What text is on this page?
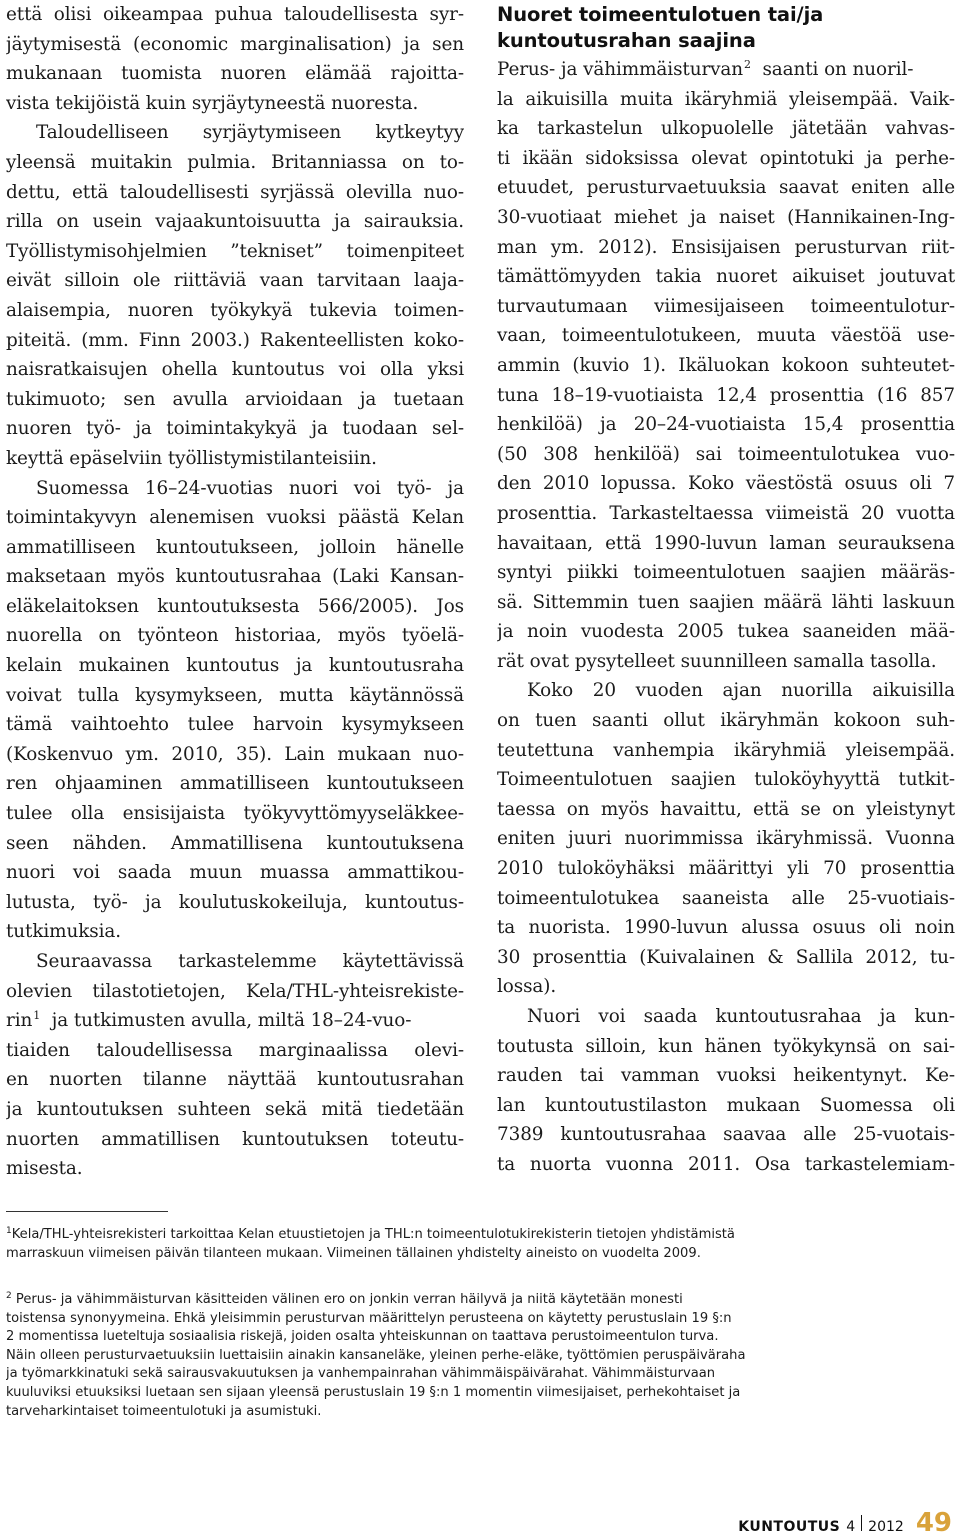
että olisi oikeampaa puhua taloudellisesta syr-
jäytymisestä (economic marginalisation) ja sen
mukanaan tuomista nuoren elämää rajoitta-
vista tekijöistä kuin syrjäytyneestä nuoresta.
Taloudelliseen syrjäytymiseen kytkeytyy
yleensä muitakin pulmia. Britanniassa on to-
dettu, että taloudellisesti syrjässä olevilla nuo-
rilla on usein vajaakuntoisuutta ja sairauksia.
Työllistymisohjelmien ”tekniset” toimenpiteet
eivät silloin ole riittäviä vaan tarvitaan laaja-
alaisempia, nuoren työkykyä tukevia toimen-
piteitä. (mm. Finn 2003.) Rakenteellisten koko-
naisratkaisujen ohella kuntoutus voi olla yksi
tukimuoto; sen avulla arvioidaan ja tuetaan
nuoren työ- ja toimintakykyä ja tuodaan sel-
keyttä epäselviin työllistymistilanteisiin.
Suomessa 16–24-vuotias nuori voi työ- ja
toimintakyvyn alenemisen vuoksi päästä Kelan
ammatilliseen kuntoutukseen, jolloin hänelle
maksetaan myös kuntoutusrahaa (Laki Kansan-
eläkelaitoksen kuntoutuksesta 566/2005). Jos
nuorella on työnteon historiaa, myös työelä-
kelain mukainen kuntoutus ja kuntoutusraha
voivat tulla kysymykseen, mutta käytännössä
tämä vaihtoehto tulee harvoin kysymykseen
(Koskenvuo ym. 2010, 35). Lain mukaan nuo-
ren ohjaaminen ammatilliseen kuntoutukseen
tulee olla ensisijaista työkyvyttömyyseläkkee-
seen nähden. Ammatillisena kuntoutuksena
nuori voi saada muun muassa ammattikou-
lutusta, työ- ja koulutuskokeiluja, kuntoutus-
tutkimuksia.
Seuraavassa tarkastelemme käytettävissä
olevien tilastotietojen, Kela/THL-yhteisrekiste-
rin$^1$  ja tutkimusten avulla, miltä 18–24-vuo-
tiaiden taloudellisessa marginaalissa olevi-
en nuorten tilanne näyttää kuntoutusrahan
ja kuntoutuksen suhteen sekä mitä tiedetään
nuorten ammatillisen kuntoutuksen toteutu-
misesta.
Nuoret toimeentulotuen tai/ja
kuntoutusrahan saajina
Perus- ja vähimmäisturvan$^2$  saanti on nuoril-
la aikuisilla muita ikäryhmiä yleisempää. Vaik-
ka tarkastelun ulkopuolelle jätetään vahvas-
ti ikään sidoksissa olevat opintotuki ja perhe-
etuudet, perusturvaetuuksia saavat eniten alle
30-vuotiaat miehet ja naiset (Hannikainen-Ing-
man ym. 2012). Ensisijaisen perusturvan riit-
tämättömyyden takia nuoret aikuiset joutuvat
turvautumaan viimesijaiseen toimeentulotur-
vaan, toimeentulotukeen, muuta väestöä use-
ammin (kuvio 1). Ikäluokan kokoon suhteutet-
tuna 18–19-vuotiaista 12,4 prosenttia (16 857
henkilöä) ja 20–24-vuotiaista 15,4 prosenttia
(50 308 henkilöä) sai toimeentulotukea vuo-
den 2010 lopussa. Koko väestöstä osuus oli 7
prosenttia. Tarkasteltaessa viimeistä 20 vuotta
havaitaan, että 1990-luvun laman seurauksena
syntyi piikki toimeentulotuen saajien määräs-
sä. Sittemmin tuen saajien määrä lähti laskuun
ja noin vuodesta 2005 tukea saaneiden mää-
rät ovat pysytelleet suunnilleen samalla tasolla.
Koko 20 vuoden ajan nuorilla aikuisilla
on tuen saanti ollut ikäryhmän kokoon suh-
teutettuna vanhempia ikäryhmiä yleisempää.
Toimeentulotuen saajien tuloköyhyyttä tutkit-
taessa on myös havaittu, että se on yleistynyt
eniten juuri nuorimmissa ikäryhmissä. Vuonna
2010 tuloköyhäksi määrittyi yli 70 prosenttia
toimeentulotukea saaneista alle 25-vuotiais-
ta nuorista. 1990-luvun alussa osuus oli noin
30 prosenttia (Kuivalainen & Sallila 2012, tu-
lossa).
Nuori voi saada kuntoutusrahaa ja kun-
toutusta silloin, kun hänen työkykynsä on sai-
rauden tai vamman vuoksi heikentynyt. Ke-
lan kuntoutustilaston mukaan Suomessa oli
7389 kuntoutusrahaa saavaa alle 25-vuotais-
ta nuorta vuonna 2011. Osa tarkastelemiam-
$^1$Kela/THL-yhteisrekisteri tarkoittaa Kelan etuustietojen ja THL:n toimeentulotukirekisterin tietojen yhdistämistä
marraskuun viimeisen päivän tilanteen mukaan. Viimeinen tällainen yhdistelty aineisto on vuodelta 2009.
$^2$ Perus- ja vähimmäisturvan käsitteiden välinen ero on jonkin verran häilyvä ja niitä käytetään monesti
toistensa synonyymeina. Ehkä yleisimmin perusturvan määrittelyn perusteena on käytetty perustuslain 19 §:n
2 momentissa lueteltuja sosiaalisia riskejä, joiden osalta yhteiskunnan on taattava perustoimeentulon turva.
Näin olleen perusturvaetuuksiin luettaisiin ainakin kansaneläke, yleinen perhe-eläke, työttömien peruspäiväraha
ja työmarkkinatuki sekä sairausvakuutuksen ja vanhempainrahan vähimmäispäivärahat. Vähimmäisturvaan
kuuluviksi etuuksiksi luetaan sen sijaan yleensä perustuslain 19 §:n 1 momentin viimesijaiset, perhekohtaiset ja
tarveharkintaiset toimeentulotuki ja asumistuki.
KUNTOUTUS 4 2012 49
